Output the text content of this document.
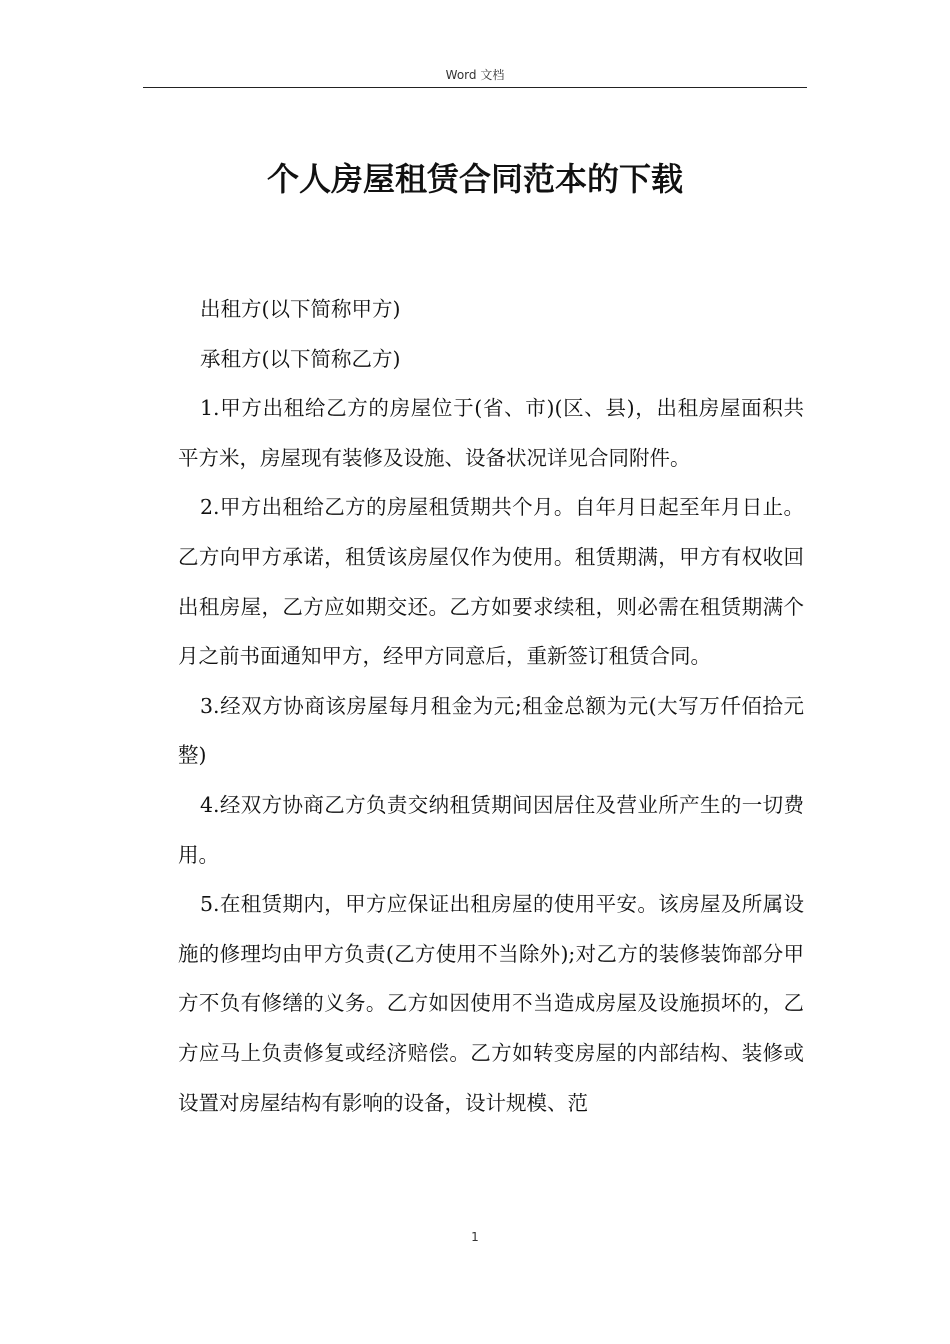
Word 文档
个人房屋租赁合同范本的下载

出租方(以下简称甲方)

承租方(以下简称乙方)

1.甲方出租给乙方的房屋位于(省、市)(区、县)，出租房屋面积共平方米，房屋现有装修及设施、设备状况详见合同附件。

2.甲方出租给乙方的房屋租赁期共个月。自年月日起至年月日止。乙方向甲方承诺，租赁该房屋仅作为使用。租赁期满，甲方有权收回出租房屋，乙方应如期交还。乙方如要求续租，则必需在租赁期满个月之前书面通知甲方，经甲方同意后，重新签订租赁合同。

3.经双方协商该房屋每月租金为元;租金总额为元(大写万仟佰拾元整)

4.经双方协商乙方负责交纳租赁期间因居住及营业所产生的一切费用。

5.在租赁期内，甲方应保证出租房屋的使用平安。该房屋及所属设施的修理均由甲方负责(乙方使用不当除外);对乙方的装修装饰部分甲方不负有修缮的义务。乙方如因使用不当造成房屋及设施损坏的，乙方应马上负责修复或经济赔偿。乙方如转变房屋的内部结构、装修或设置对房屋结构有影响的设备，设计规模、范

1
